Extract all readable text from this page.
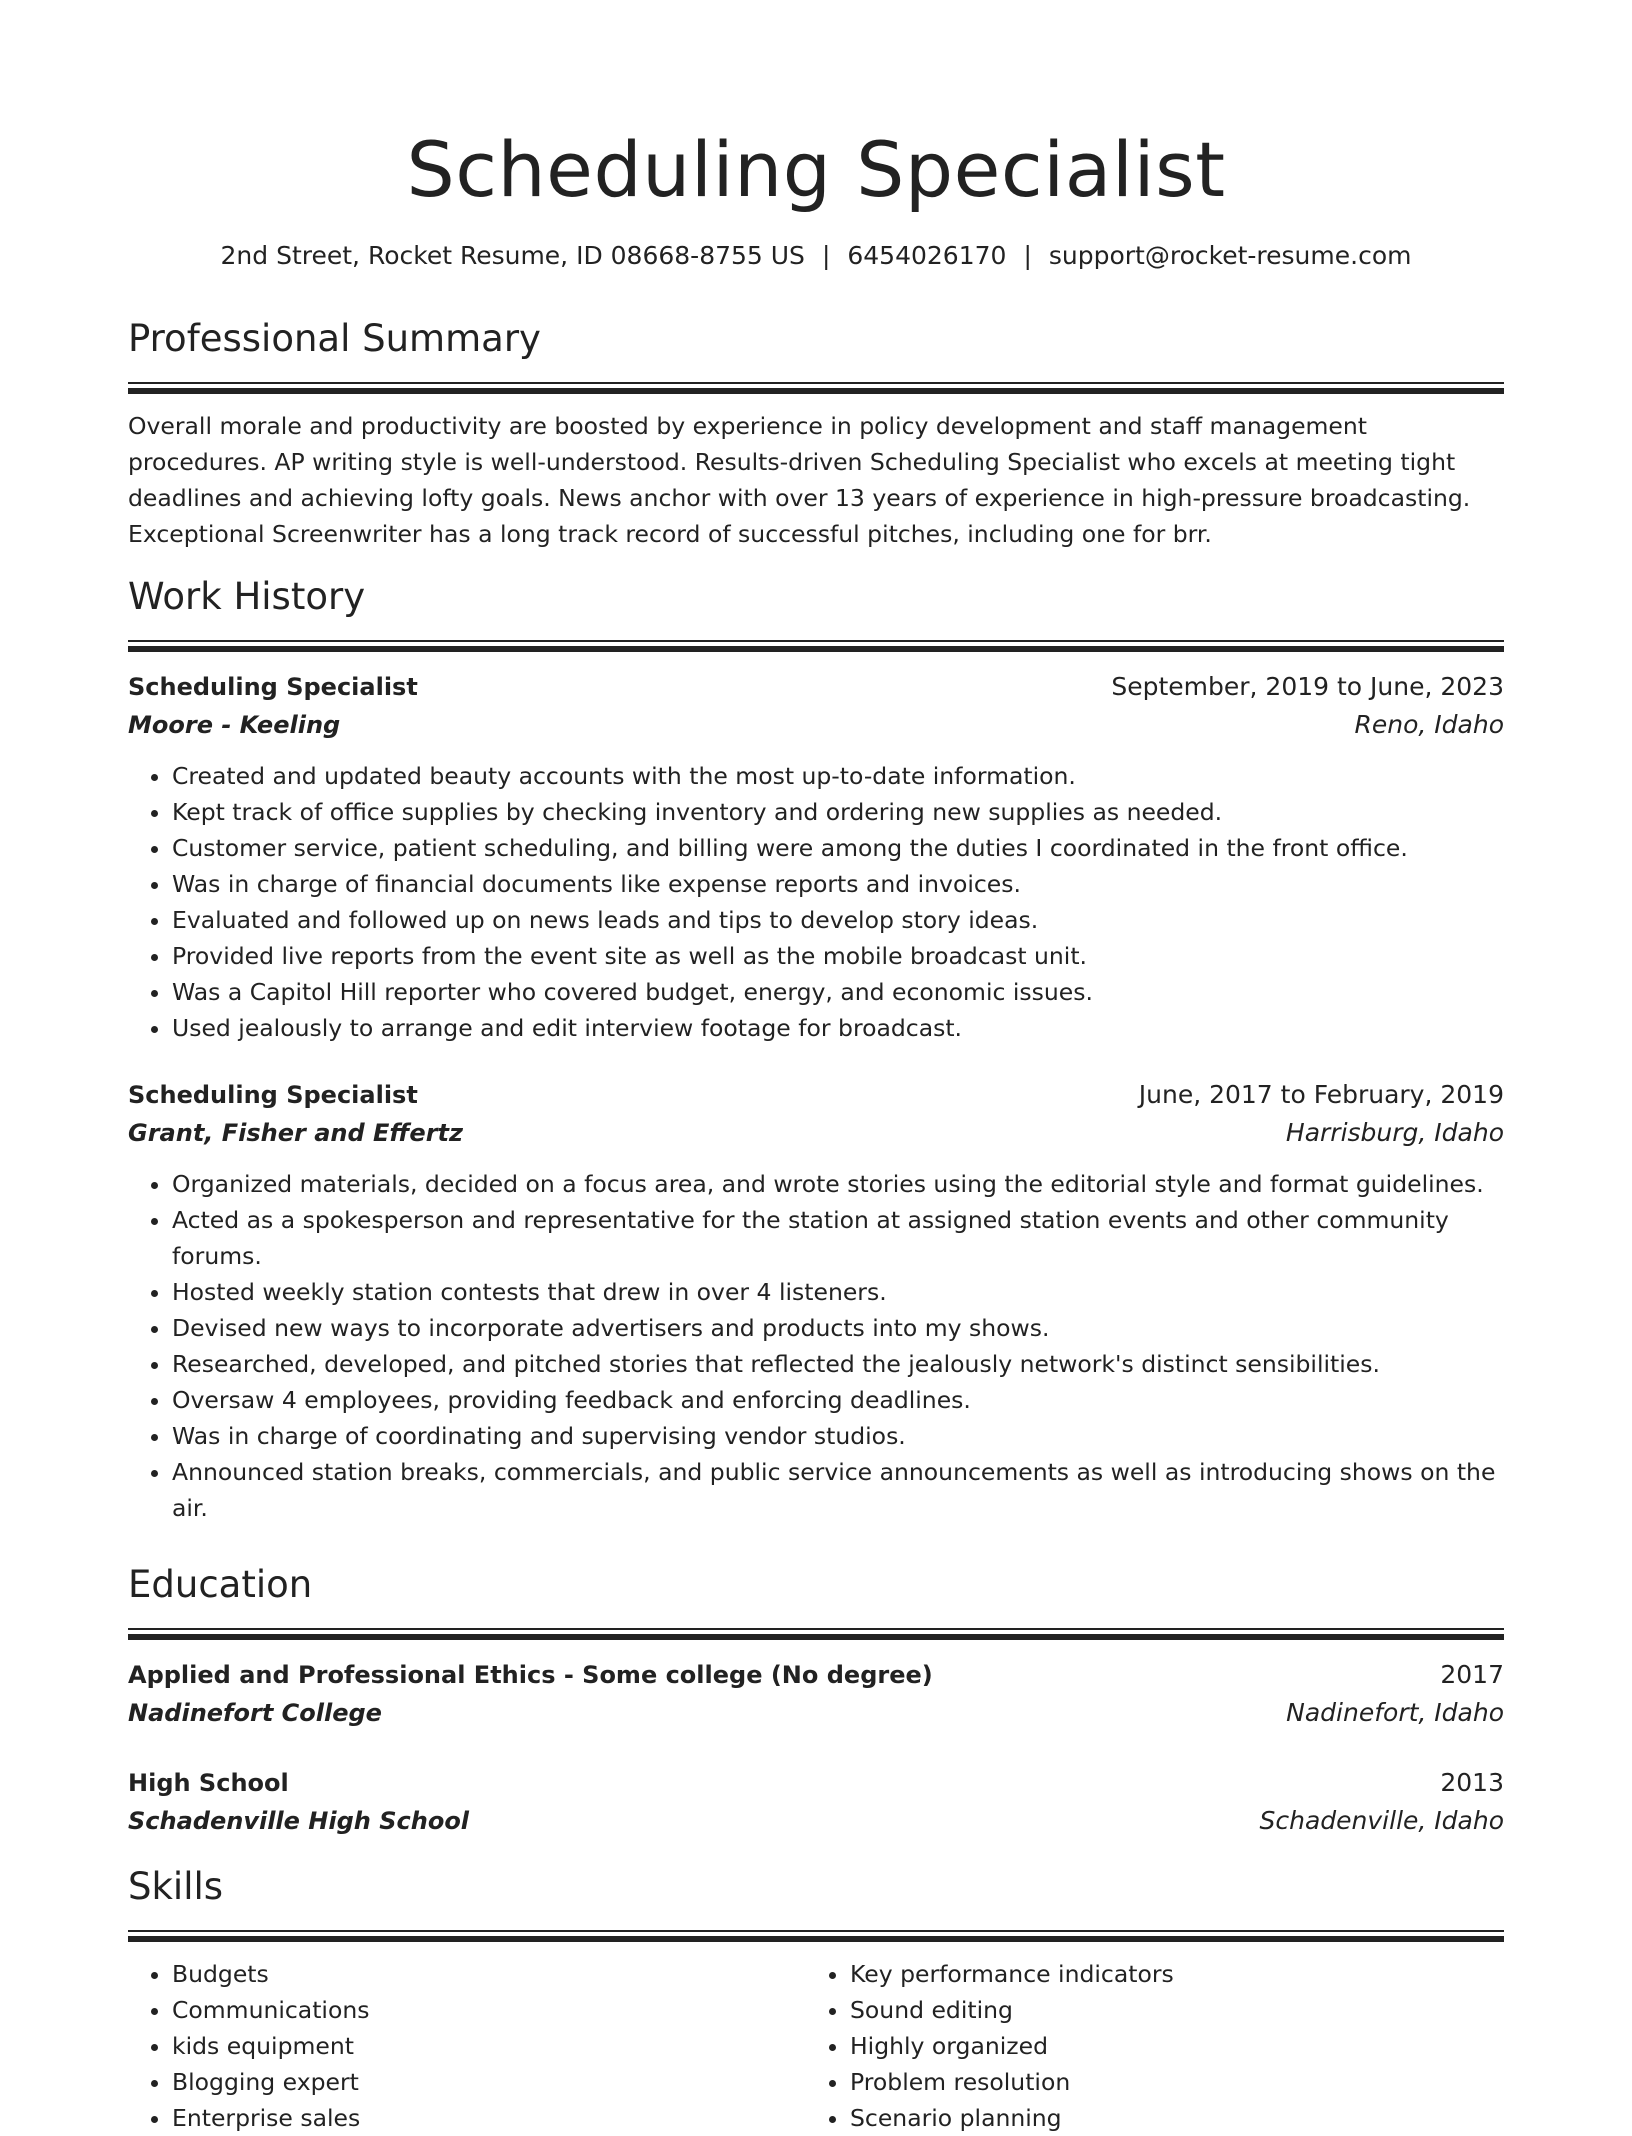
Scheduling Specialist
2nd Street, Rocket Resume, ID 08668-8755 US | 6454026170 | support@rocket-resume.com
Professional Summary

Overall morale and productivity are boosted by experience in policy development and staff management procedures. AP writing style is well-understood. Results-driven Scheduling Specialist who excels at meeting tight deadlines and achieving lofty goals. News anchor with over 13 years of experience in high-pressure broadcasting. Exceptional Screenwriter has a long track record of successful pitches, including one for brr.

Work History
Scheduling Specialist	September, 2019 to June, 2023
Moore - Keeling	Reno, Idaho
• Created and updated beauty accounts with the most up-to-date information.
• Kept track of office supplies by checking inventory and ordering new supplies as needed.
• Customer service, patient scheduling, and billing were among the duties I coordinated in the front office.
• Was in charge of financial documents like expense reports and invoices.
• Evaluated and followed up on news leads and tips to develop story ideas.
• Provided live reports from the event site as well as the mobile broadcast unit.
• Was a Capitol Hill reporter who covered budget, energy, and economic issues.
• Used jealously to arrange and edit interview footage for broadcast.
Scheduling Specialist	June, 2017 to February, 2019
Grant, Fisher and Effertz	Harrisburg, Idaho
• Organized materials, decided on a focus area, and wrote stories using the editorial style and format guidelines.
• Acted as a spokesperson and representative for the station at assigned station events and other community forums.
• Hosted weekly station contests that drew in over 4 listeners.
• Devised new ways to incorporate advertisers and products into my shows.
• Researched, developed, and pitched stories that reflected the jealously network's distinct sensibilities.
• Oversaw 4 employees, providing feedback and enforcing deadlines.
• Was in charge of coordinating and supervising vendor studios.
• Announced station breaks, commercials, and public service announcements as well as introducing shows on the air.
Education
Applied and Professional Ethics - Some college (No degree)	2017
Nadinefort College	Nadinefort, Idaho
High School	2013
Schadenville High School	Schadenville, Idaho
Skills
• Budgets
• Communications
• kids equipment
• Blogging expert
• Enterprise sales
• Key performance indicators
• Sound editing
• Highly organized
• Problem resolution
• Scenario planning
